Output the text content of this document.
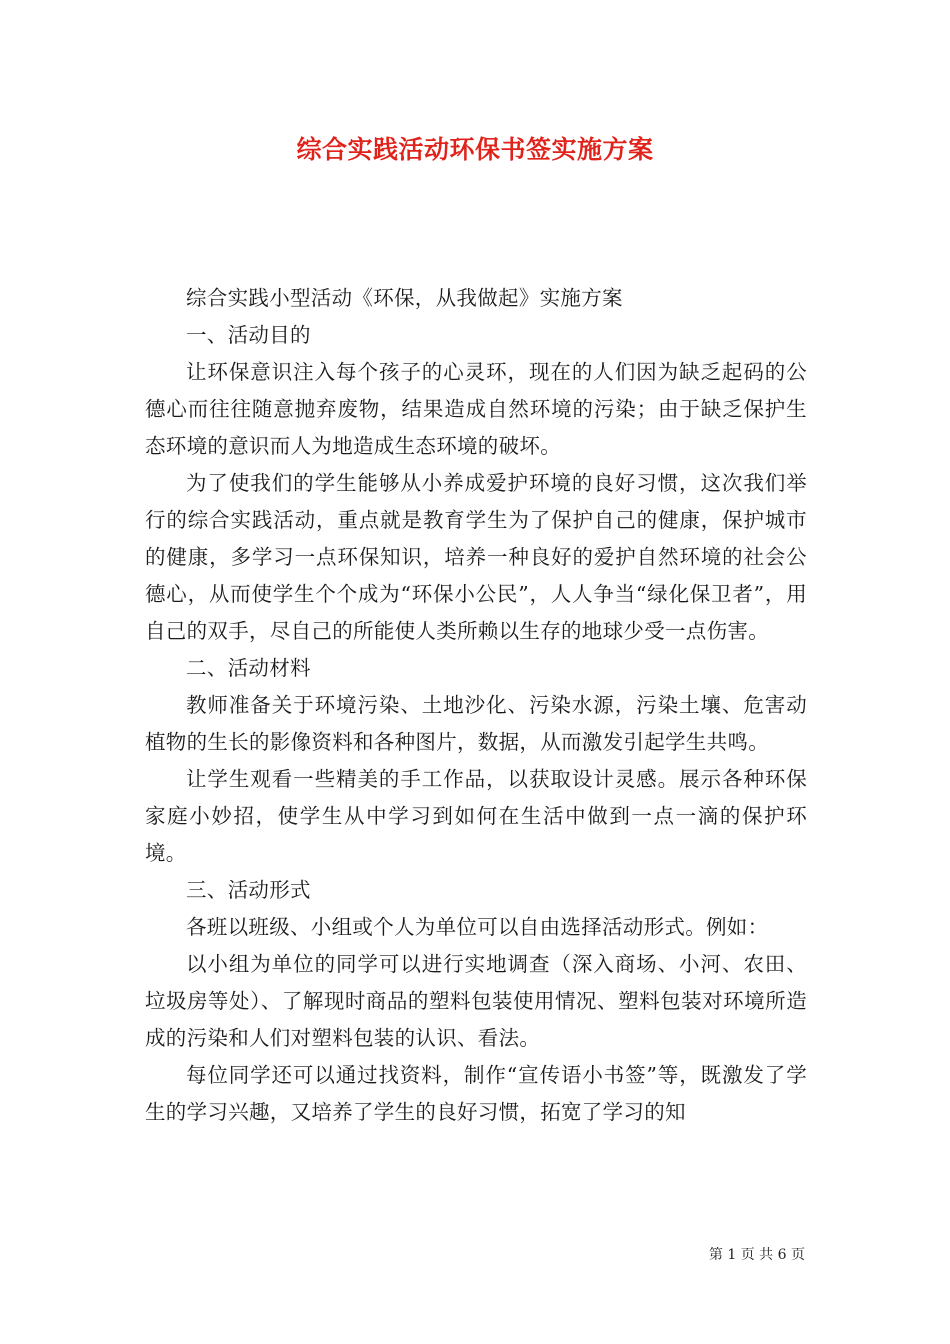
综合实践活动环保书签实施方案

综合实践小型活动《环保，从我做起》实施方案

一、活动目的

让环保意识注入每个孩子的心灵环，现在的人们因为缺乏起码的公德心而往往随意抛弃废物，结果造成自然环境的污染；由于缺乏保护生态环境的意识而人为地造成生态环境的破坏。

为了使我们的学生能够从小养成爱护环境的良好习惯，这次我们举行的综合实践活动，重点就是教育学生为了保护自己的健康，保护城市的健康，多学习一点环保知识，培养一种良好的爱护自然环境的社会公德心，从而使学生个个成为“环保小公民”，人人争当“绿化保卫者”，用自己的双手，尽自己的所能使人类所赖以生存的地球少受一点伤害。

二、活动材料

教师准备关于环境污染、土地沙化、污染水源，污染土壤、危害动植物的生长的影像资料和各种图片，数据，从而激发引起学生共鸣。

让学生观看一些精美的手工作品，以获取设计灵感。展示各种环保家庭小妙招，使学生从中学习到如何在生活中做到一点一滴的保护环境。

三、活动形式

各班以班级、小组或个人为单位可以自由选择活动形式。例如：

以小组为单位的同学可以进行实地调查（深入商场、小河、农田、垃圾房等处）、了解现时商品的塑料包装使用情况、塑料包装对环境所造成的污染和人们对塑料包装的认识、看法。

每位同学还可以通过找资料，制作“宣传语小书签”等，既激发了学生的学习兴趣，又培养了学生的良好习惯，拓宽了学习的知

第 1 页 共 6 页
